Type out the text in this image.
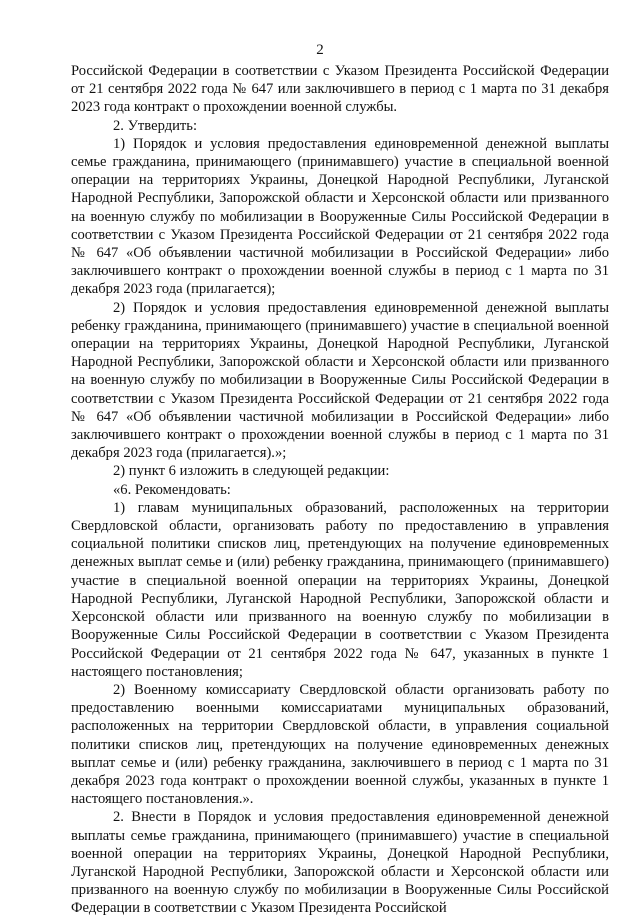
2

Российской Федерации в соответствии с Указом Президента Российской Федерации от 21 сентября 2022 года № 647 или заключившего в период с 1 марта по 31 декабря 2023 года контракт о прохождении военной службы.

2. Утвердить:

1) Порядок и условия предоставления единовременной денежной выплаты семье гражданина, принимающего (принимавшего) участие в специальной военной операции на территориях Украины, Донецкой Народной Республики, Луганской Народной Республики, Запорожской области и Херсонской области или призванного на военную службу по мобилизации в Вооруженные Силы Российской Федерации в соответствии с Указом Президента Российской Федерации от 21 сентября 2022 года № 647 «Об объявлении частичной мобилизации в Российской Федерации» либо заключившего контракт о прохождении военной службы в период с 1 марта по 31 декабря 2023 года (прилагается);

2) Порядок и условия предоставления единовременной денежной выплаты ребенку гражданина, принимающего (принимавшего) участие в специальной военной операции на территориях Украины, Донецкой Народной Республики, Луганской Народной Республики, Запорожской области и Херсонской области или призванного на военную службу по мобилизации в Вооруженные Силы Российской Федерации в соответствии с Указом Президента Российской Федерации от 21 сентября 2022 года № 647 «Об объявлении частичной мобилизации в Российской Федерации» либо заключившего контракт о прохождении военной службы в период с 1 марта по 31 декабря 2023 года (прилагается).»;

2) пункт 6 изложить в следующей редакции:

«6. Рекомендовать:

1) главам муниципальных образований, расположенных на территории Свердловской области, организовать работу по предоставлению в управления социальной политики списков лиц, претендующих на получение единовременных денежных выплат семье и (или) ребенку гражданина, принимающего (принимавшего) участие в специальной военной операции на территориях Украины, Донецкой Народной Республики, Луганской Народной Республики, Запорожской области и Херсонской области или призванного на военную службу по мобилизации в Вооруженные Силы Российской Федерации в соответствии с Указом Президента Российской Федерации от 21 сентября 2022 года № 647, указанных в пункте 1 настоящего постановления;

2) Военному комиссариату Свердловской области организовать работу по предоставлению военными комиссариатами муниципальных образований, расположенных на территории Свердловской области, в управления социальной политики списков лиц, претендующих на получение единовременных денежных выплат семье и (или) ребенку гражданина, заключившего в период с 1 марта по 31 декабря 2023 года контракт о прохождении военной службы, указанных в пункте 1 настоящего постановления.».

2. Внести в Порядок и условия предоставления единовременной денежной выплаты семье гражданина, принимающего (принимавшего) участие в специальной военной операции на территориях Украины, Донецкой Народной Республики, Луганской Народной Республики, Запорожской области и Херсонской области или призванного на военную службу по мобилизации в Вооруженные Силы Российской Федерации в соответствии с Указом Президента Российской
